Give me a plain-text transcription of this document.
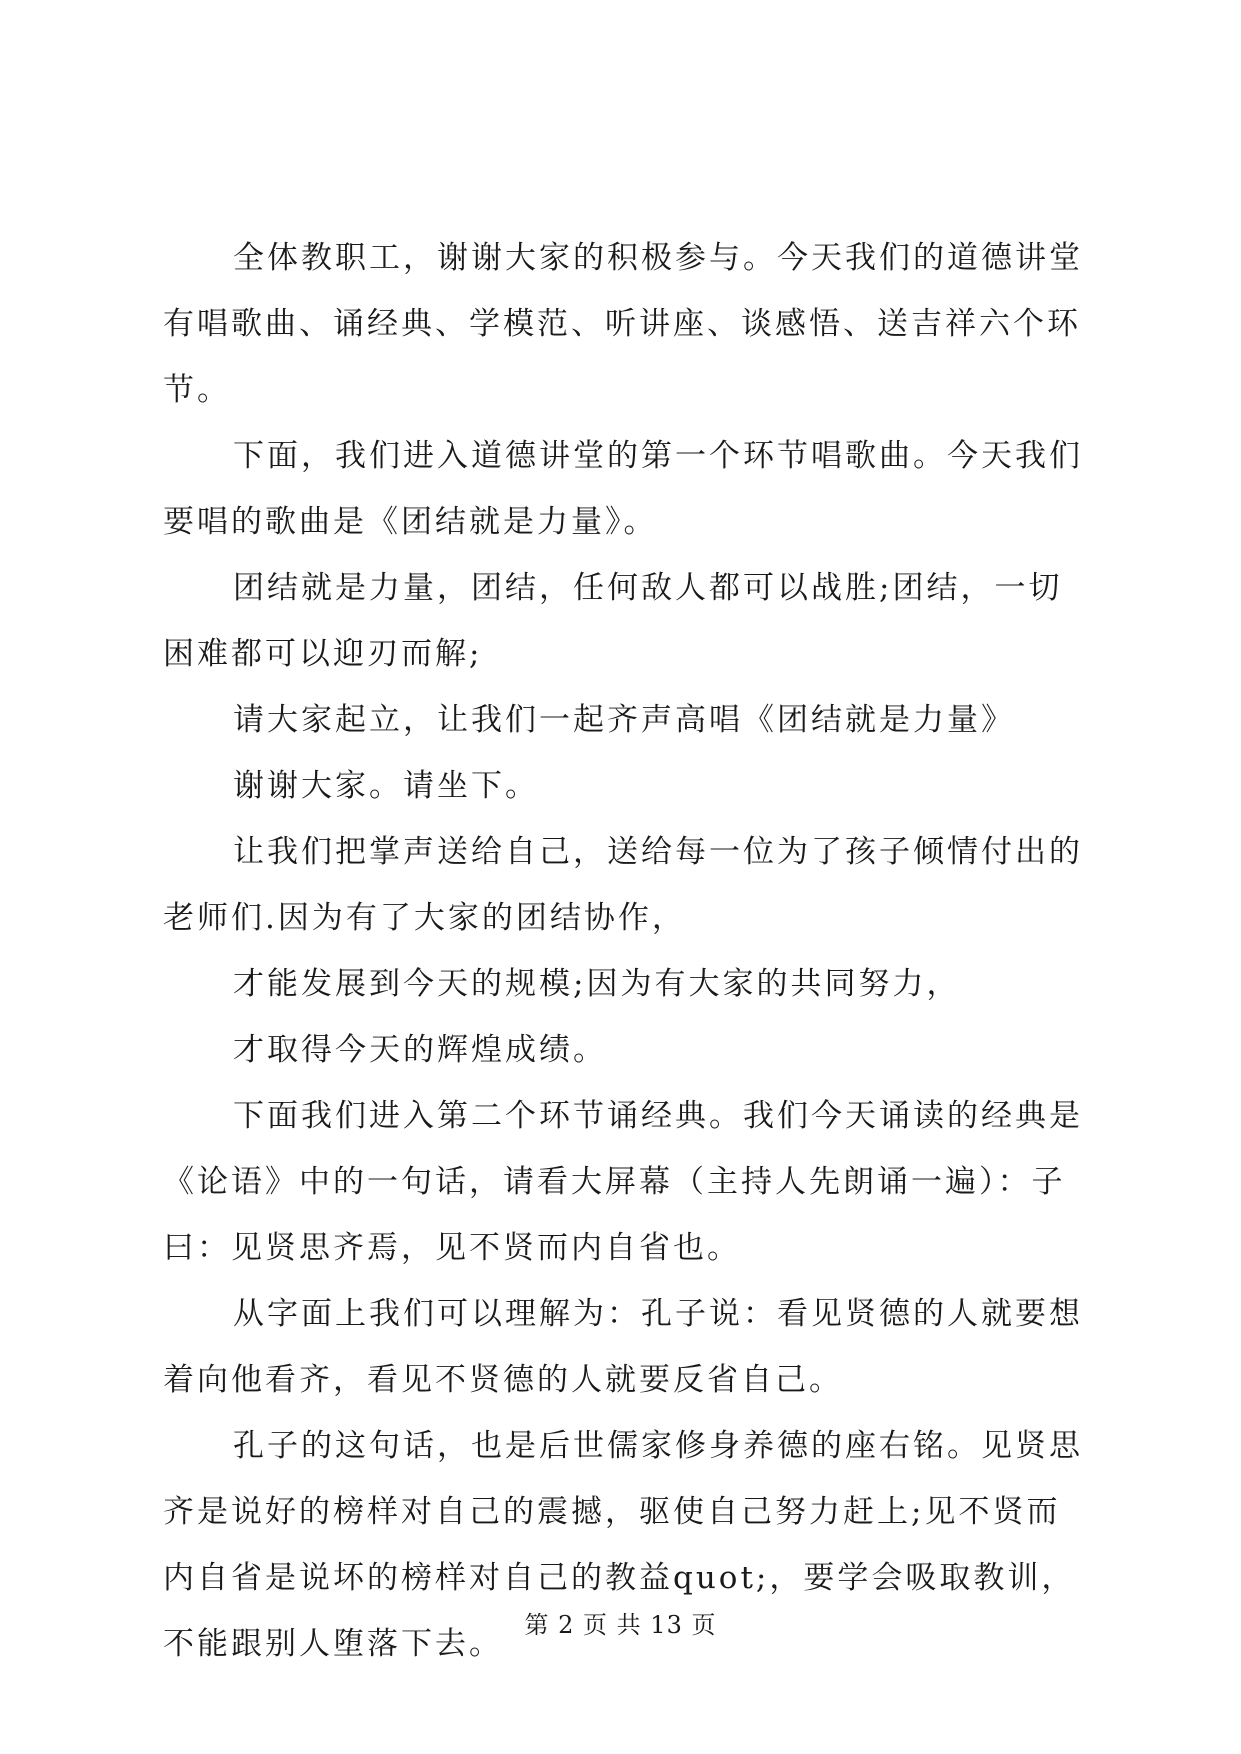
全体教职工，谢谢大家的积极参与。今天我们的道德讲堂有唱歌曲、诵经典、学模范、听讲座、谈感悟、送吉祥六个环节。

下面，我们进入道德讲堂的第一个环节唱歌曲。今天我们要唱的歌曲是《团结就是力量》。

团结就是力量，团结，任何敌人都可以战胜;团结，一切困难都可以迎刃而解;

请大家起立，让我们一起齐声高唱《团结就是力量》

谢谢大家。请坐下。

让我们把掌声送给自己，送给每一位为了孩子倾情付出的老师们.因为有了大家的团结协作，

才能发展到今天的规模;因为有大家的共同努力，

才取得今天的辉煌成绩。

下面我们进入第二个环节诵经典。我们今天诵读的经典是《论语》中的一句话，请看大屏幕（主持人先朗诵一遍）：子曰：见贤思齐焉，见不贤而内自省也。

从字面上我们可以理解为：孔子说：看见贤德的人就要想着向他看齐，看见不贤德的人就要反省自己。

孔子的这句话，也是后世儒家修身养德的座右铭。见贤思齐是说好的榜样对自己的震撼，驱使自己努力赶上;见不贤而内自省是说坏的榜样对自己的教益quot;，要学会吸取教训，不能跟别人堕落下去。

第 2 页 共 13 页
